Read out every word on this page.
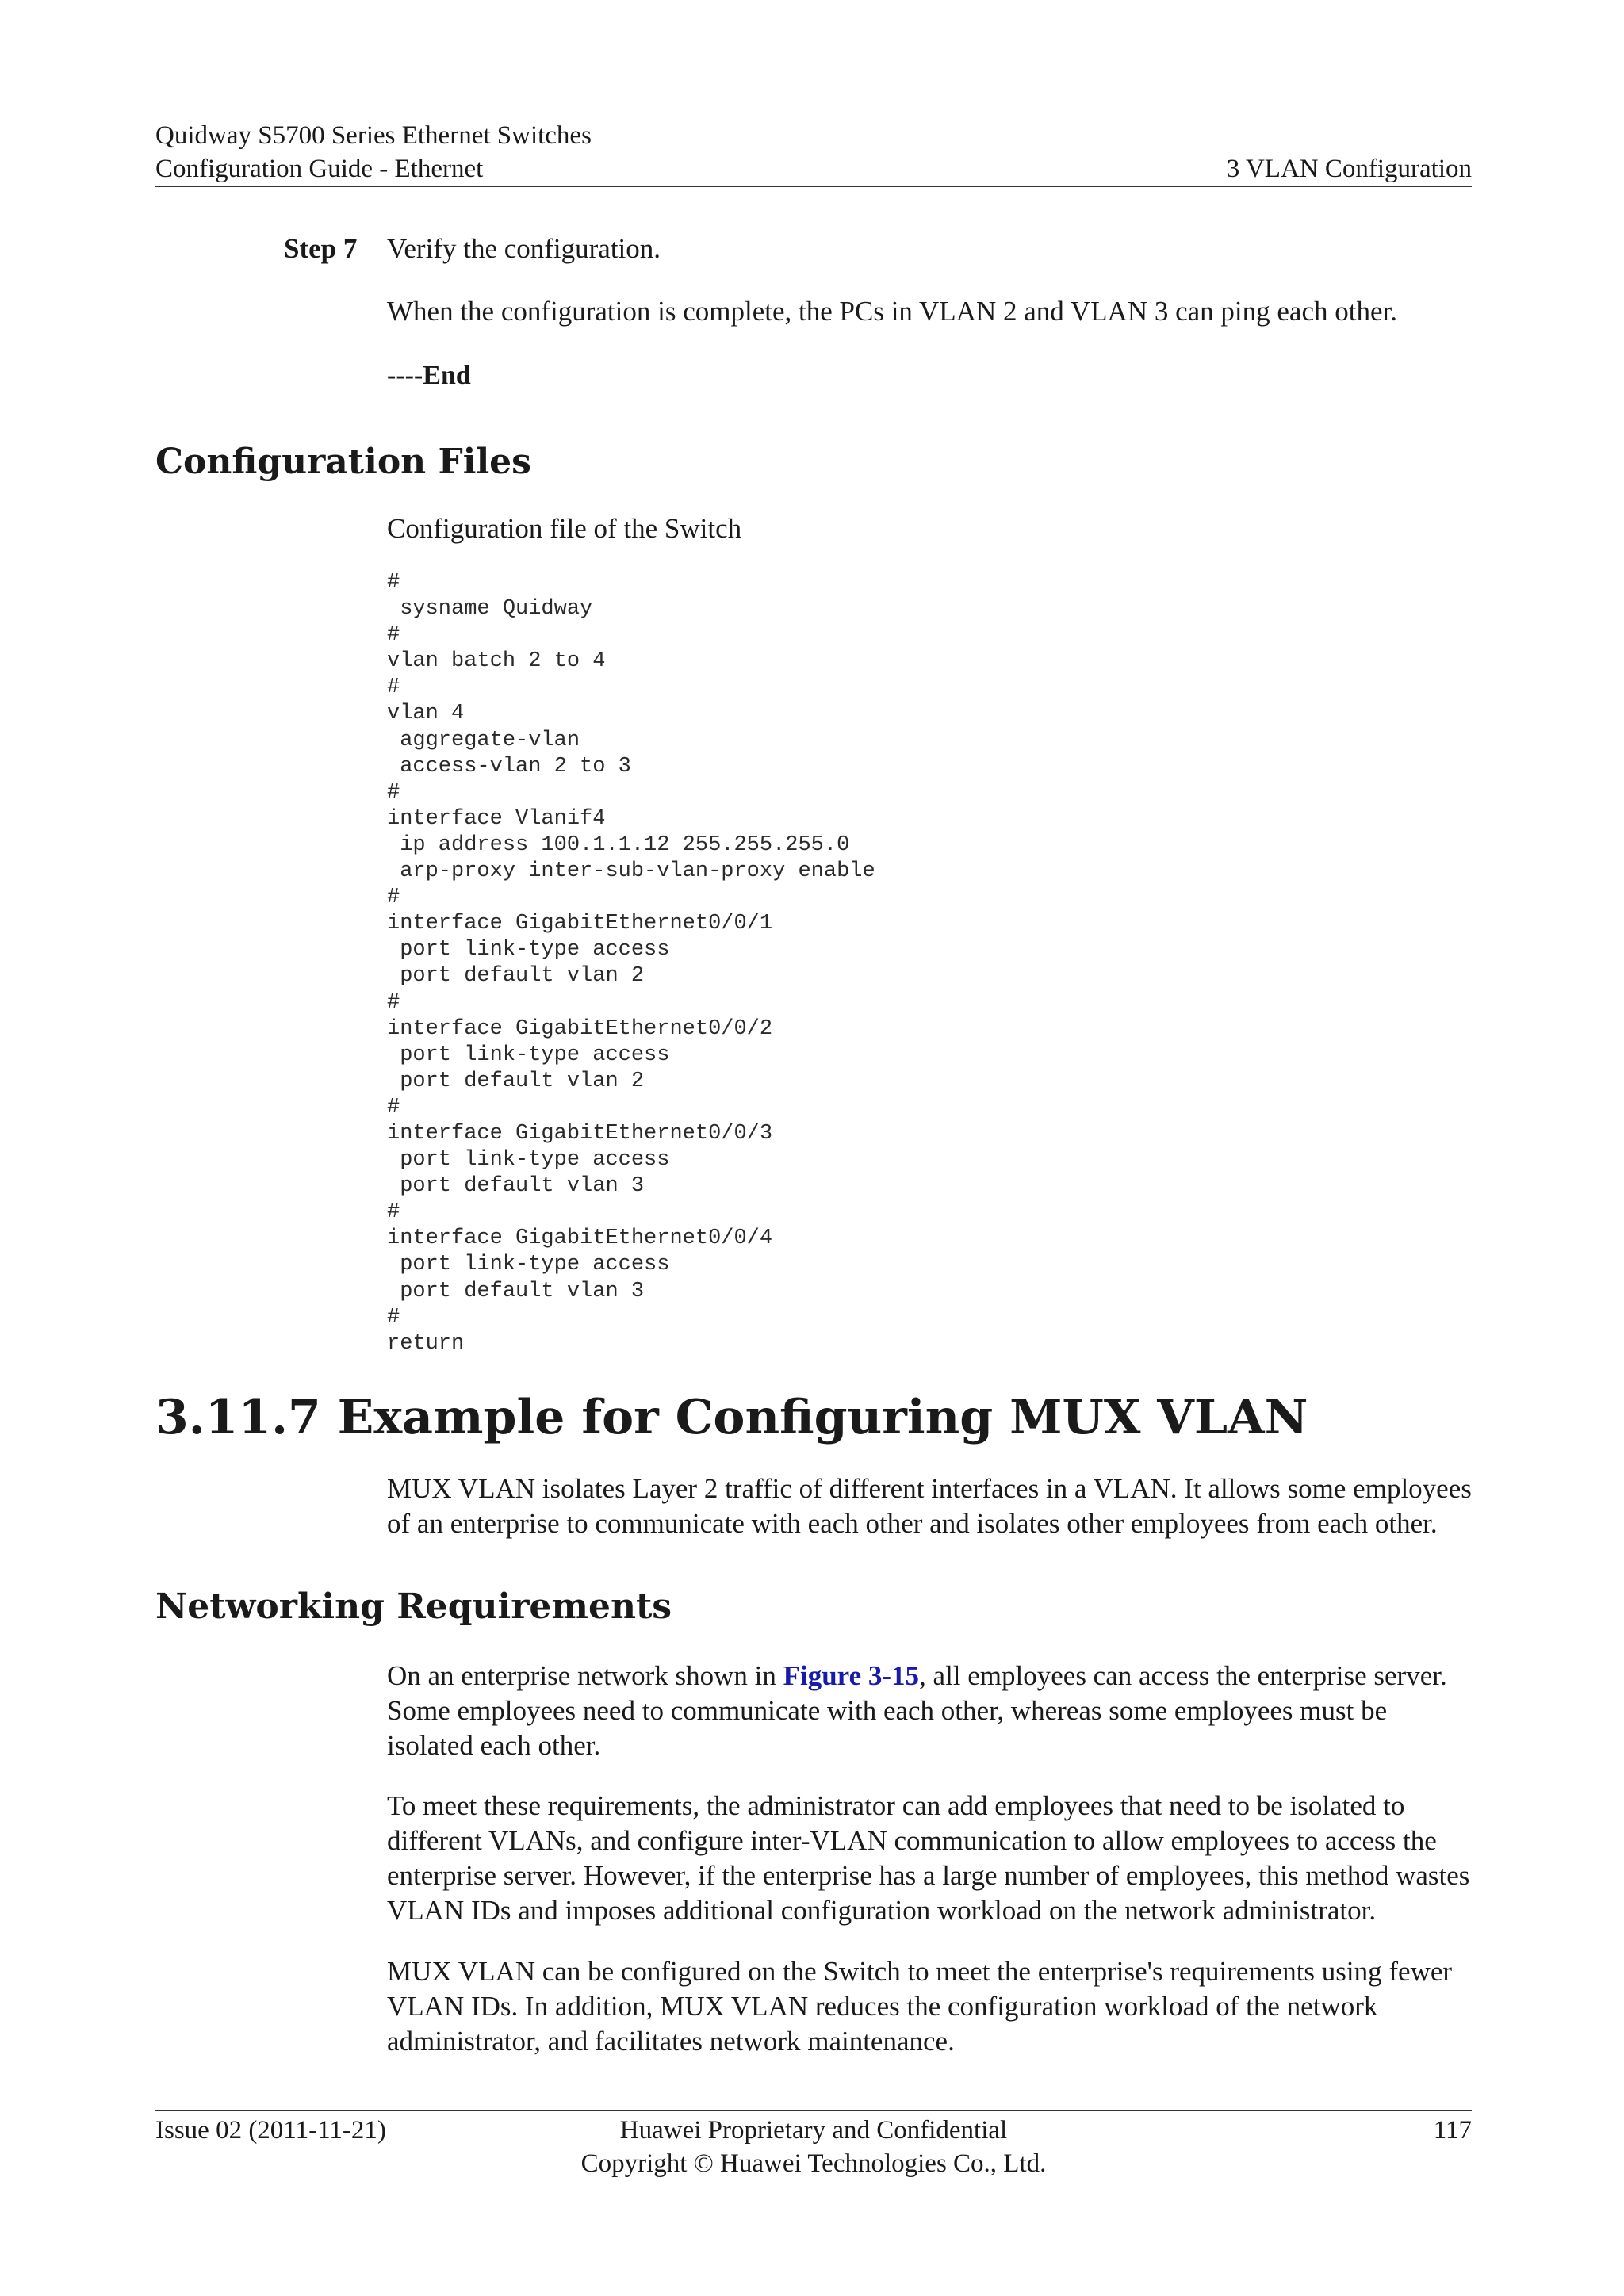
Quidway S5700 Series Ethernet Switches
Configuration Guide - Ethernet	3 VLAN Configuration
Step 7	Verify the configuration.
When the configuration is complete, the PCs in VLAN 2 and VLAN 3 can ping each other.
----End
Configuration Files
Configuration file of the Switch
#
sysname Quidway
#
vlan batch 2 to 4
#
vlan 4
aggregate-vlan
access-vlan 2 to 3
#
interface Vlanif4
ip address 100.1.1.12 255.255.255.0
arp-proxy inter-sub-vlan-proxy enable
#
interface GigabitEthernet0/0/1
port link-type access
port default vlan 2
#
interface GigabitEthernet0/0/2
port link-type access
port default vlan 2
#
interface GigabitEthernet0/0/3
port link-type access
port default vlan 3
#
interface GigabitEthernet0/0/4
port link-type access
port default vlan 3
#
return
3.11.7 Example for Configuring MUX VLAN
MUX VLAN isolates Layer 2 traffic of different interfaces in a VLAN. It allows some employees of an enterprise to communicate with each other and isolates other employees from each other.
Networking Requirements
On an enterprise network shown in Figure 3-15, all employees can access the enterprise server. Some employees need to communicate with each other, whereas some employees must be isolated each other.
To meet these requirements, the administrator can add employees that need to be isolated to different VLANs, and configure inter-VLAN communication to allow employees to access the enterprise server. However, if the enterprise has a large number of employees, this method wastes VLAN IDs and imposes additional configuration workload on the network administrator.
MUX VLAN can be configured on the Switch to meet the enterprise's requirements using fewer VLAN IDs. In addition, MUX VLAN reduces the configuration workload of the network administrator, and facilitates network maintenance.
Issue 02 (2011-11-21)	Huawei Proprietary and Confidential
Copyright © Huawei Technologies Co., Ltd.
117
